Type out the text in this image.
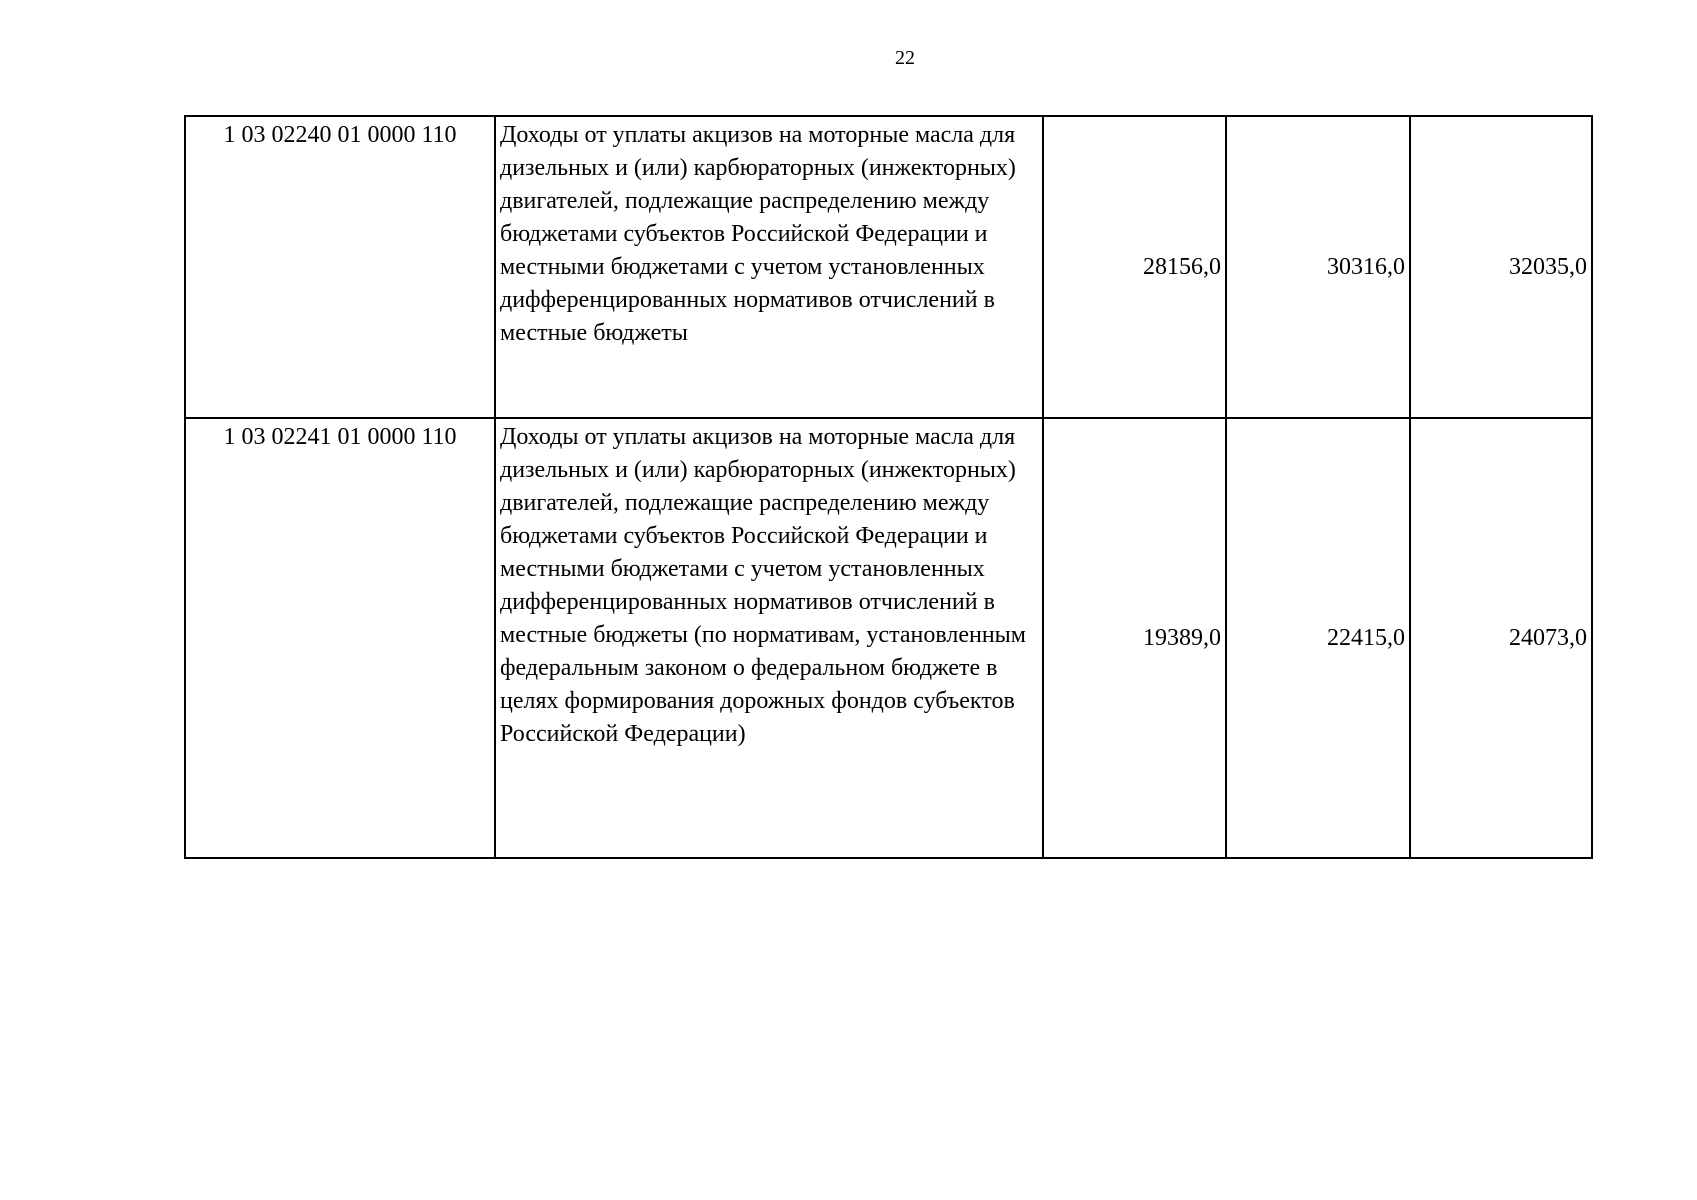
22
1 03 02240 01 0000 110	Доходы от уплаты акцизов на моторные масла для дизельных и (или) карбюраторных (инжекторных) двигателей, подлежащие распределению между бюджетами субъектов Российской Федерации и местными бюджетами с учетом установленных дифференцированных нормативов отчислений в местные бюджеты	28156,0	30316,0	32035,0
1 03 02241 01 0000 110	Доходы от уплаты акцизов на моторные масла для дизельных и (или) карбюраторных (инжекторных) двигателей, подлежащие распределению между бюджетами субъектов Российской Федерации и местными бюджетами с учетом установленных дифференцированных нормативов отчислений в местные бюджеты (по нормативам, установленным федеральным законом о федеральном бюджете в целях формирования дорожных фондов субъектов Российской Федерации)	19389,0	22415,0	24073,0
